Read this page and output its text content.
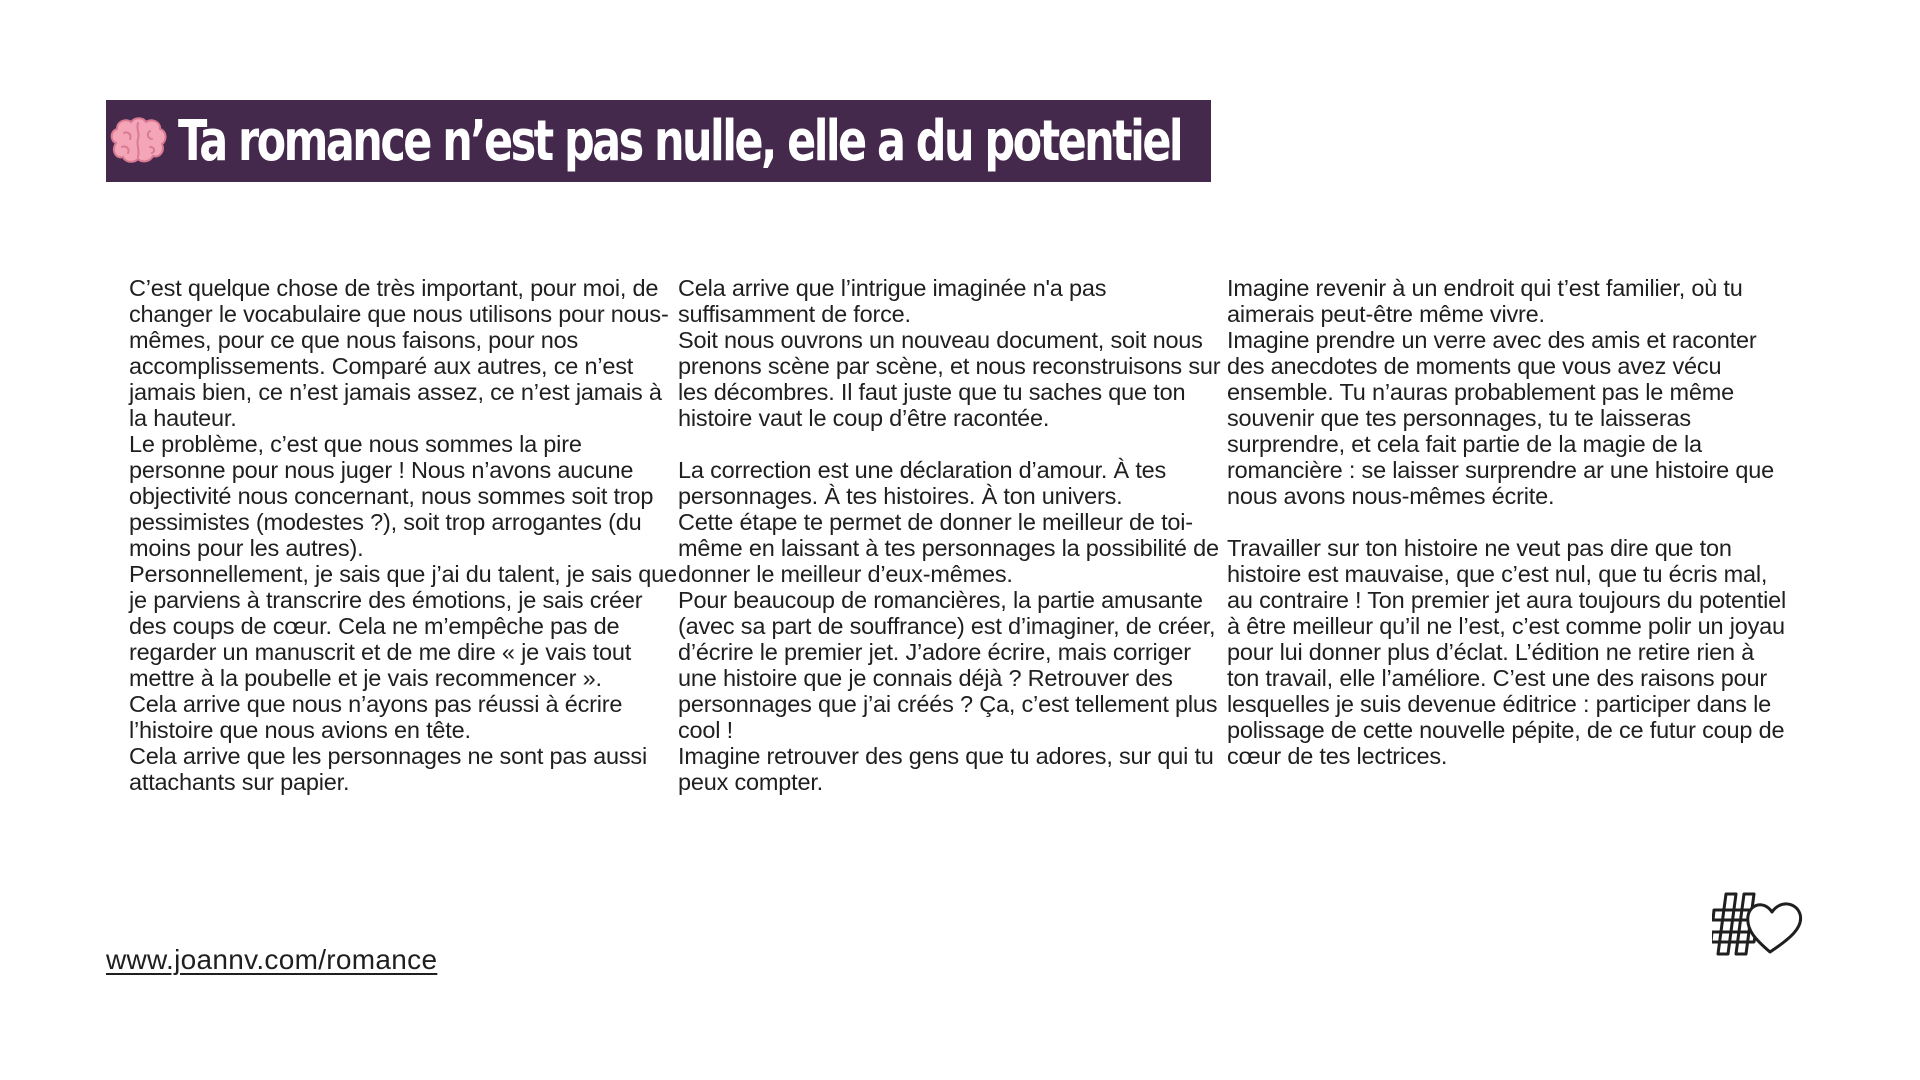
Ta romance n’est pas nulle, elle a du potentiel

C’est quelque chose de très important, pour moi, de changer le vocabulaire que nous utilisons pour nous-mêmes, pour ce que nous faisons, pour nos accomplissements. Comparé aux autres, ce n’est jamais bien, ce n’est jamais assez, ce n’est jamais à la hauteur.

Le problème, c’est que nous sommes la pire personne pour nous juger ! Nous n’avons aucune objectivité nous concernant, nous sommes soit trop pessimistes (modestes ?), soit trop arrogantes (du moins pour les autres).

Personnellement, je sais que j’ai du talent, je sais que je parviens à transcrire des émotions, je sais créer des coups de cœur. Cela ne m’empêche pas de regarder un manuscrit et de me dire « je vais tout mettre à la poubelle et je vais recommencer ».

Cela arrive que nous n’ayons pas réussi à écrire l’histoire que nous avions en tête.

Cela arrive que les personnages ne sont pas aussi attachants sur papier.

Cela arrive que l’intrigue imaginée n'a pas suffisamment de force.

Soit nous ouvrons un nouveau document, soit nous prenons scène par scène, et nous reconstruisons sur les décombres. Il faut juste que tu saches que ton histoire vaut le coup d’être racontée.

La correction est une déclaration d’amour. À tes personnages. À tes histoires. À ton univers.

Cette étape te permet de donner le meilleur de toi-même en laissant à tes personnages la possibilité de donner le meilleur d’eux-mêmes.

Pour beaucoup de romancières, la partie amusante (avec sa part de souffrance) est d’imaginer, de créer, d’écrire le premier jet. J’adore écrire, mais corriger une histoire que je connais déjà ? Retrouver des personnages que j’ai créés ? Ça, c’est tellement plus cool !

Imagine retrouver des gens que tu adores, sur qui tu peux compter.

Imagine revenir à un endroit qui t’est familier, où tu aimerais peut-être même vivre.

Imagine prendre un verre avec des amis et raconter des anecdotes de moments que vous avez vécu ensemble. Tu n’auras probablement pas le même souvenir que tes personnages, tu te laisseras surprendre, et cela fait partie de la magie de la romancière : se laisser surprendre ar une histoire que nous avons nous-mêmes écrite.

Travailler sur ton histoire ne veut pas dire que ton histoire est mauvaise, que c’est nul, que tu écris mal, au contraire ! Ton premier jet aura toujours du potentiel à être meilleur qu’il ne l’est, c’est comme polir un joyau pour lui donner plus d’éclat. L’édition ne retire rien à ton travail, elle l’améliore. C’est une des raisons pour lesquelles je suis devenue éditrice : participer dans le polissage de cette nouvelle pépite, de ce futur coup de cœur de tes lectrices.

www.joannv.com/romance
